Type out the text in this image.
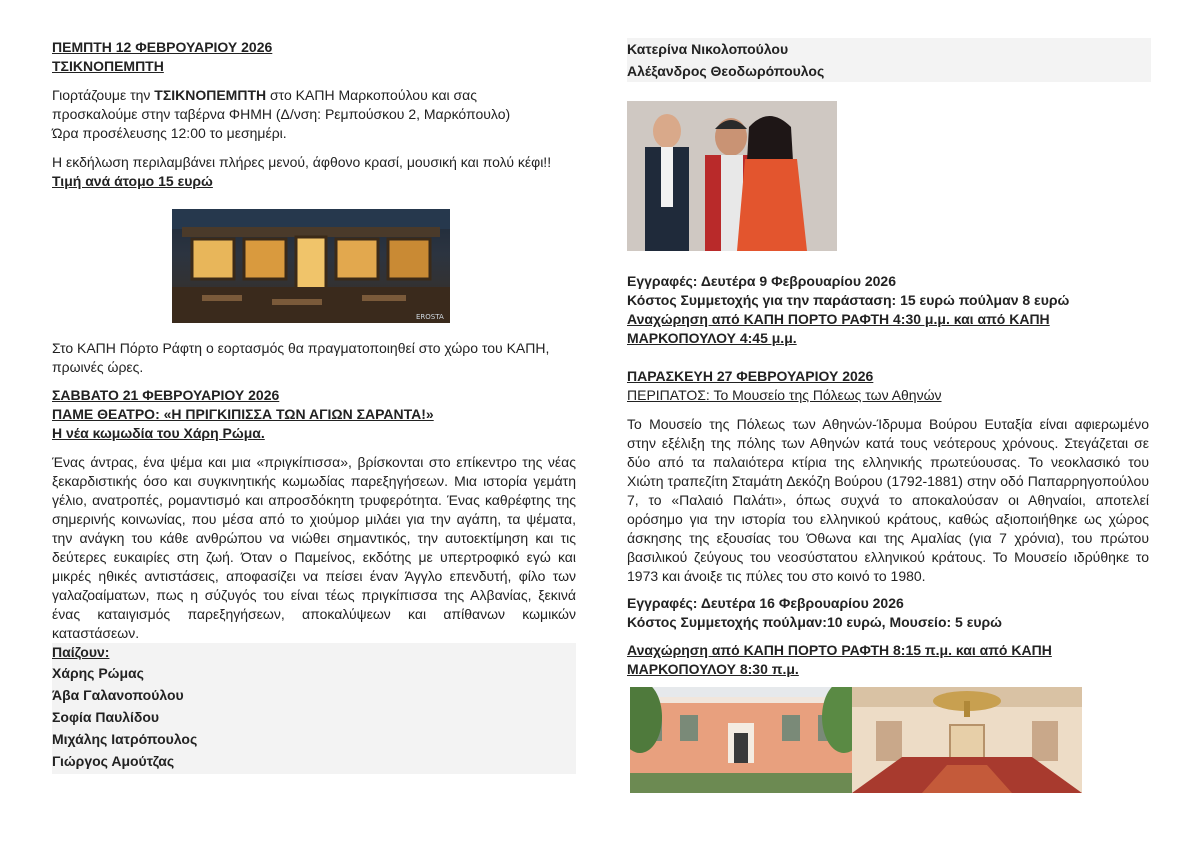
ΠΕΜΠΤΗ 12 ΦΕΒΡΟΥΑΡΙΟΥ 2026
ΤΣΙΚΝΟΠΕΜΠΤΗ

Γιορτάζουμε την ΤΣΙΚΝΟΠΕΜΠΤΗ στο ΚΑΠΗ Μαρκοπούλου και σας προσκαλούμε στην ταβέρνα ΦΗΜΗ (Δ/νση: Ρεμπούσκου 2, Μαρκόπουλο)

Ώρα προσέλευσης 12:00 το μεσημέρι.

Η εκδήλωση περιλαμβάνει πλήρες μενού, άφθονο κρασί, μουσική και πολύ κέφι!!

Τιμή ανά άτομο 15 ευρώ
EROSTA

Στο ΚΑΠΗ Πόρτο Ράφτη ο εορτασμός θα πραγματοποιηθεί στο χώρο του ΚΑΠΗ, πρωινές ώρες.

ΣΑΒΒΑΤΟ 21 ΦΕΒΡΟΥΑΡΙΟΥ 2026
ΠΑΜΕ ΘΕΑΤΡΟ: «Η ΠΡΙΓΚΙΠΙΣΣΑ ΤΩΝ ΑΓΙΩΝ ΣΑΡΑΝΤΑ!»
Η νέα κωμωδία του Χάρη Ρώμα.

Ένας άντρας, ένα ψέμα και μια «πριγκίπισσα», βρίσκονται στο επίκεντρο της νέας ξεκαρδιστικής όσο και συγκινητικής κωμωδίας παρεξηγήσεων. Μια ιστορία γεμάτη γέλιο, ανατροπές, ρομαντισμό και απροσδόκητη τρυφερότητα. Ένας καθρέφτης της σημερινής κοινωνίας, που μέσα από το χιούμορ μιλάει για την αγάπη, τα ψέματα, την ανάγκη του κάθε ανθρώπου να νιώθει σημαντικός, την αυτοεκτίμηση και τις δεύτερες ευκαιρίες στη ζωή. Όταν ο Παμείνος, εκδότης με υπερτροφικό εγώ και μικρές ηθικές αντιστάσεις, αποφασίζει να πείσει έναν Άγγλο επενδυτή, φίλο των γαλαζοαίματων, πως η σύζυγός του είναι τέως πριγκίπισσα της Αλβανίας, ξεκινά ένας καταιγισμός παρεξηγήσεων, αποκαλύψεων και απίθανων κωμικών καταστάσεων.

Παίζουν:
Χάρης Ρώμας
Άβα Γαλανοπούλου
Σοφία Παυλίδου
Μιχάλης Ιατρόπουλος
Γιώργος Αμούτζας
Κατερίνα Νικολοπούλου
Αλέξανδρος Θεοδωρόπουλος
Εγγραφές: Δευτέρα 9 Φεβρουαρίου 2026
Κόστος Συμμετοχής για την παράσταση: 15 ευρώ πούλμαν 8 ευρώ
Αναχώρηση από ΚΑΠΗ ΠΟΡΤΟ ΡΑΦΤΗ 4:30 μ.μ. και από ΚΑΠΗ ΜΑΡΚΟΠΟΥΛΟΥ 4:45 μ.μ.
ΠΑΡΑΣΚΕΥΗ 27 ΦΕΒΡΟΥΑΡΙΟΥ 2026
ΠΕΡΙΠΑΤΟΣ: Το Μουσείο της Πόλεως των Αθηνών

Το Μουσείο της Πόλεως των Αθηνών-Ίδρυμα Βούρου Ευταξία είναι αφιερωμένο στην εξέλιξη της πόλης των Αθηνών κατά τους νεότερους χρόνους. Στεγάζεται σε δύο από τα παλαιότερα κτίρια της ελληνικής πρωτεύουσας. Το νεοκλασικό του Χιώτη τραπεζίτη Σταμάτη Δεκόζη Βούρου (1792-1881) στην οδό Παπαρρηγοπούλου 7, το «Παλαιό Παλάτι», όπως συχνά το αποκαλούσαν οι Αθηναίοι, αποτελεί ορόσημο για την ιστορία του ελληνικού κράτους, καθώς αξιοποιήθηκε ως χώρος άσκησης της εξουσίας του Όθωνα και της Αμαλίας (για 7 χρόνια), του πρώτου βασιλικού ζεύγους του νεοσύστατου ελληνικού κράτους. Το Μουσείο ιδρύθηκε το 1973 και άνοιξε τις πύλες του στο κοινό το 1980.

Εγγραφές: Δευτέρα 16 Φεβρουαρίου 2026
Κόστος Συμμετοχής πούλμαν:10 ευρώ, Μουσείο: 5 ευρώ
Αναχώρηση από ΚΑΠΗ ΠΟΡΤΟ ΡΑΦΤΗ 8:15 π.μ. και από ΚΑΠΗ ΜΑΡΚΟΠΟΥΛΟΥ 8:30 π.μ.
